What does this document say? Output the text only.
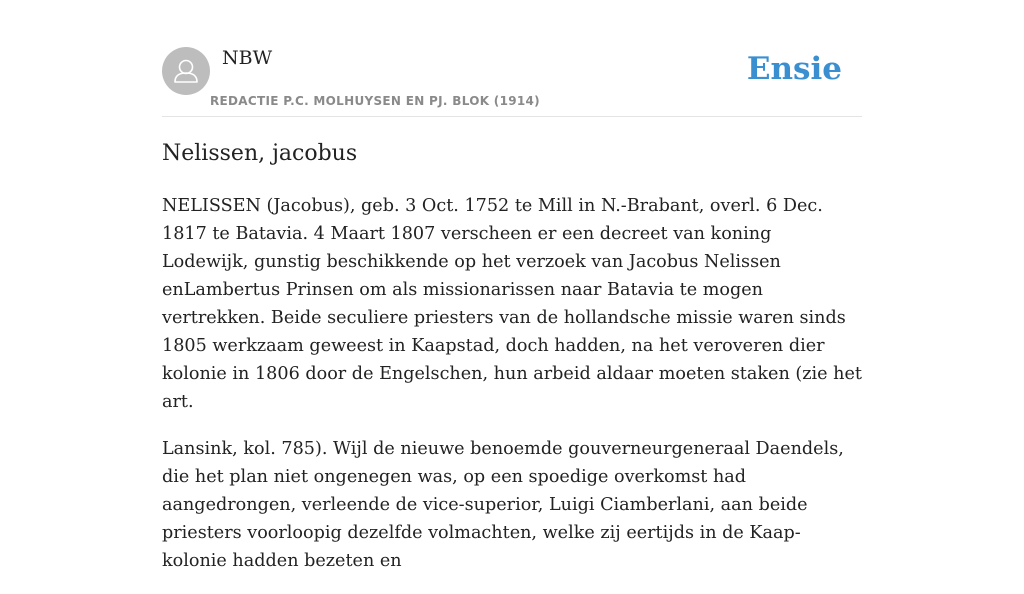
NBW
REDACTIE P.C. MOLHUYSEN EN PJ. BLOK (1914)
Ensie
Nelissen, jacobus

NELISSEN (Jacobus), geb. 3 Oct. 1752 te Mill in N.-Brabant, overl. 6 Dec. 1817 te Batavia. 4 Maart 1807 verscheen er een decreet van koning Lodewijk, gunstig beschikkende op het verzoek van Jacobus Nelissen enLambertus Prinsen om als missionarissen naar Batavia te mogen vertrekken. Beide seculiere priesters van de hollandsche missie waren sinds 1805 werkzaam geweest in Kaapstad, doch hadden, na het veroveren dier kolonie in 1806 door de Engelschen, hun arbeid aldaar moeten staken (zie het art.

Lansink, kol. 785). Wijl de nieuwe benoemde gouverneurgeneraal Daendels, die het plan niet ongenegen was, op een spoedige overkomst had aangedrongen, verleende de vice-superior, Luigi Ciamberlani, aan beide priesters voorloopig dezelfde volmachten, welke zij eertijds in de Kaap-kolonie hadden bezeten en
